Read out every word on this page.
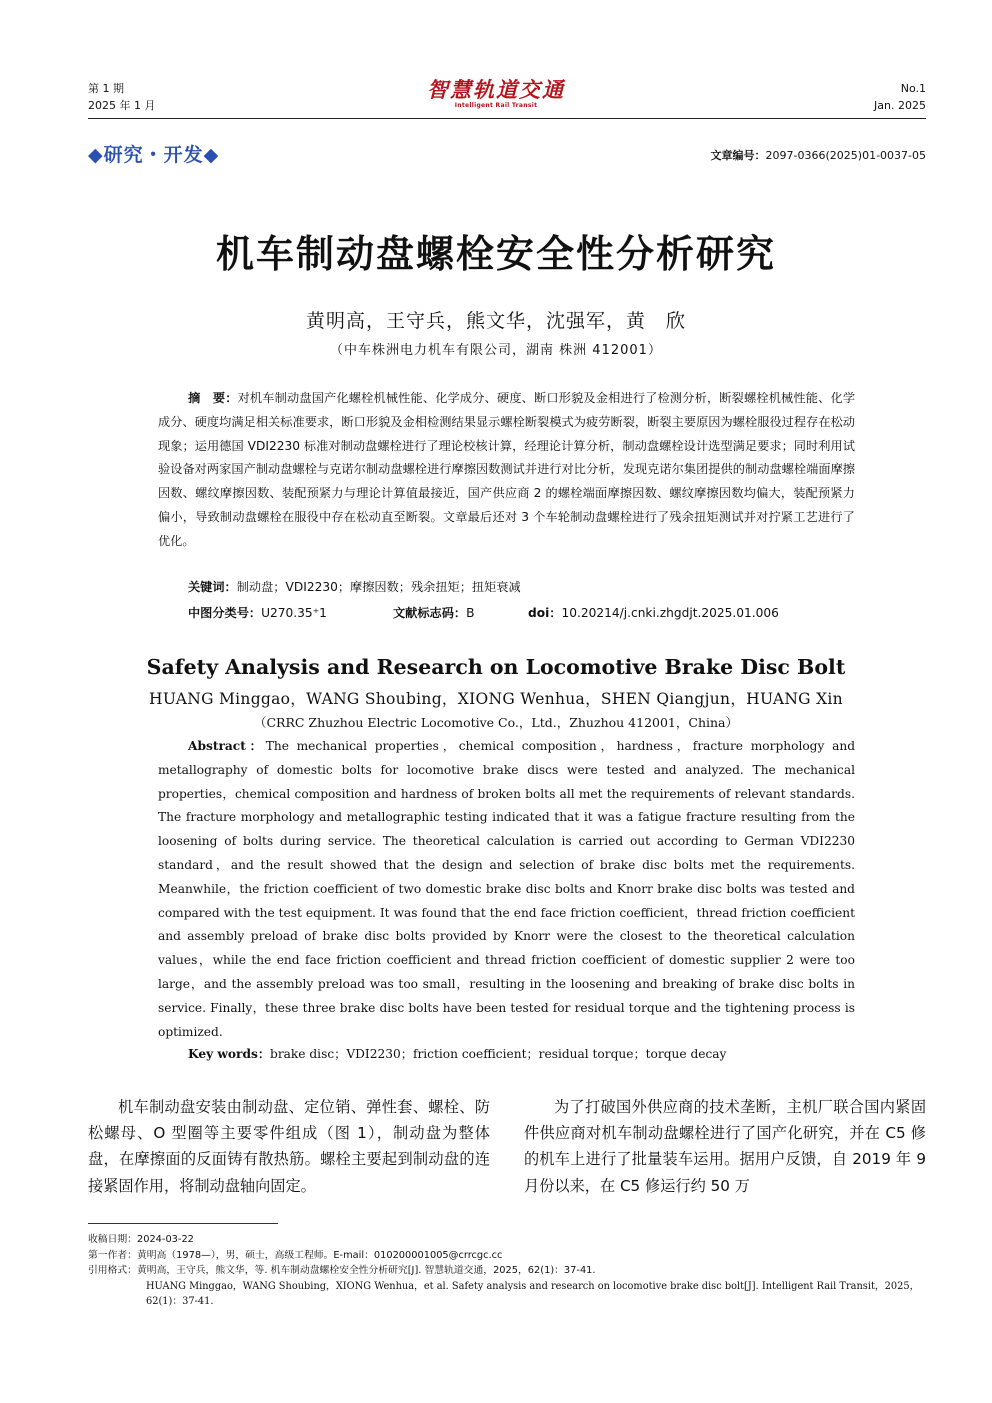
第 1 期
2025 年 1 月
智慧轨道交通
Intelligent Rail Transit
No.1
Jan. 2025
◆研究・开发◆	文章编号：2097-0366(2025)01-0037-05
机车制动盘螺栓安全性分析研究
黄明高，王守兵，熊文华，沈强军，黄　欣
（中车株洲电力机车有限公司，湖南 株洲 412001）
摘　要：对机车制动盘国产化螺栓机械性能、化学成分、硬度、断口形貌及金相进行了检测分析，断裂螺栓机械性能、化学成分、硬度均满足相关标准要求，断口形貌及金相检测结果显示螺栓断裂模式为疲劳断裂，断裂主要原因为螺栓服役过程存在松动现象；运用德国 VDI2230 标准对制动盘螺栓进行了理论校核计算，经理论计算分析，制动盘螺栓设计选型满足要求；同时利用试验设备对两家国产制动盘螺栓与克诺尔制动盘螺栓进行摩擦因数测试并进行对比分析，发现克诺尔集团提供的制动盘螺栓端面摩擦因数、螺纹摩擦因数、装配预紧力与理论计算值最接近，国产供应商 2 的螺栓端面摩擦因数、螺纹摩擦因数均偏大，装配预紧力偏小，导致制动盘螺栓在服役中存在松动直至断裂。文章最后还对 3 个车轮制动盘螺栓进行了残余扭矩测试并对拧紧工艺进行了优化。
关键词：制动盘；VDI2230；摩擦因数；残余扭矩；扭矩衰减
中图分类号：U270.35⁺1	文献标志码：B	doi：10.20214/j.cnki.zhgdjt.2025.01.006
Safety Analysis and Research on Locomotive Brake Disc Bolt
HUANG Minggao，WANG Shoubing，XIONG Wenhua，SHEN Qiangjun，HUANG Xin
（CRRC Zhuzhou Electric Locomotive Co.，Ltd.，Zhuzhou 412001，China）
Abstract：The mechanical properties，chemical composition，hardness，fracture morphology and metallography of domestic bolts for locomotive brake discs were tested and analyzed. The mechanical properties，chemical composition and hardness of broken bolts all met the requirements of relevant standards. The fracture morphology and metallographic testing indicated that it was a fatigue fracture resulting from the loosening of bolts during service. The theoretical calculation is carried out according to German VDI2230 standard，and the result showed that the design and selection of brake disc bolts met the requirements. Meanwhile，the friction coefficient of two domestic brake disc bolts and Knorr brake disc bolts was tested and compared with the test equipment. It was found that the end face friction coefficient，thread friction coefficient and assembly preload of brake disc bolts provided by Knorr were the closest to the theoretical calculation values，while the end face friction coefficient and thread friction coefficient of domestic supplier 2 were too large，and the assembly preload was too small，resulting in the loosening and breaking of brake disc bolts in service. Finally，these three brake disc bolts have been tested for residual torque and the tightening process is optimized.
Key words：brake disc；VDI2230；friction coefficient；residual torque；torque decay
机车制动盘安装由制动盘、定位销、弹性套、螺栓、防松螺母、O 型圈等主要零件组成（图 1），制动盘为整体盘，在摩擦面的反面铸有散热筋。螺栓主要起到制动盘的连接紧固作用，将制动盘轴向固定。
为了打破国外供应商的技术垄断，主机厂联合国内紧固件供应商对机车制动盘螺栓进行了国产化研究，并在 C5 修的机车上进行了批量装车运用。据用户反馈，自 2019 年 9 月份以来，在 C5 修运行约 50 万
收稿日期：2024-03-22
第一作者：黄明高（1978—），男，硕士，高级工程师。E-mail：010200001005@crrcgc.cc
引用格式：黄明高，王守兵，熊文华，等. 机车制动盘螺栓安全性分析研究[J]. 智慧轨道交通，2025，62(1)：37-41.
HUANG Minggao，WANG Shoubing，XIONG Wenhua，et al. Safety analysis and research on locomotive brake disc bolt[J]. Intelligent Rail Transit，2025，62(1)：37-41.
